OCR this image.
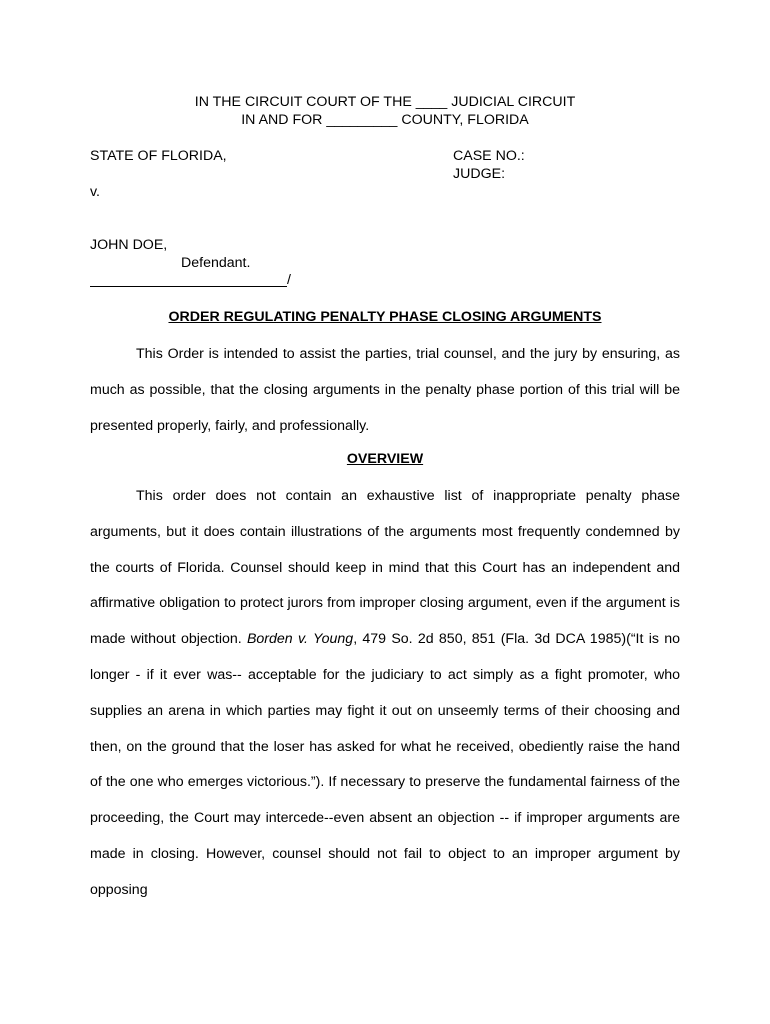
IN THE CIRCUIT COURT OF THE ____ JUDICIAL CIRCUIT
IN AND FOR _________ COUNTY, FLORIDA
STATE OF FLORIDA,	CASE NO.:
JUDGE:
v.
JOHN DOE,
Defendant.
/
ORDER REGULATING PENALTY PHASE CLOSING ARGUMENTS

This Order is intended to assist the parties, trial counsel, and the jury by ensuring, as much as possible, that the closing arguments in the penalty phase portion of this trial will be presented properly, fairly, and professionally.

OVERVIEW

This order does not contain an exhaustive list of inappropriate penalty phase arguments, but it does contain illustrations of the arguments most frequently condemned by the courts of Florida. Counsel should keep in mind that this Court has an independent and affirmative obligation to protect jurors from improper closing argument, even if the argument is made without objection. Borden v. Young, 479 So. 2d 850, 851 (Fla. 3d DCA 1985)(“It is no longer - if it ever was-- acceptable for the judiciary to act simply as a fight promoter, who supplies an arena in which parties may fight it out on unseemly terms of their choosing and then, on the ground that the loser has asked for what he received, obediently raise the hand of the one who emerges victorious.”). If necessary to preserve the fundamental fairness of the proceeding, the Court may intercede--even absent an objection -- if improper arguments are made in closing. However, counsel should not fail to object to an improper argument by opposing
